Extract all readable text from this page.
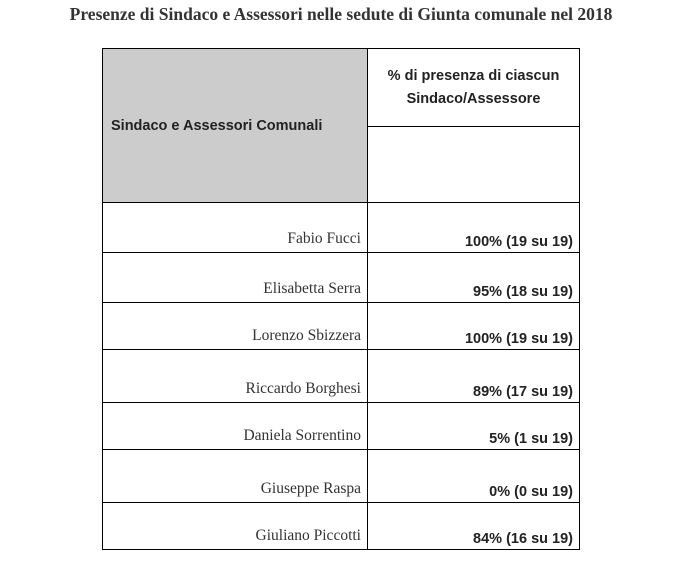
Presenze di Sindaco e Assessori nelle sedute di Giunta comunale nel 2018
Sindaco e Assessori Comunali	% di presenza di ciascun
Sindaco/Assessore

Fabio Fucci	100% (19 su 19)
Elisabetta Serra	95% (18 su 19)
Lorenzo Sbizzera	100% (19 su 19)
Riccardo Borghesi	89% (17 su 19)
Daniela Sorrentino	5% (1 su 19)
Giuseppe Raspa	0% (0 su 19)
Giuliano Piccotti	84% (16 su 19)
